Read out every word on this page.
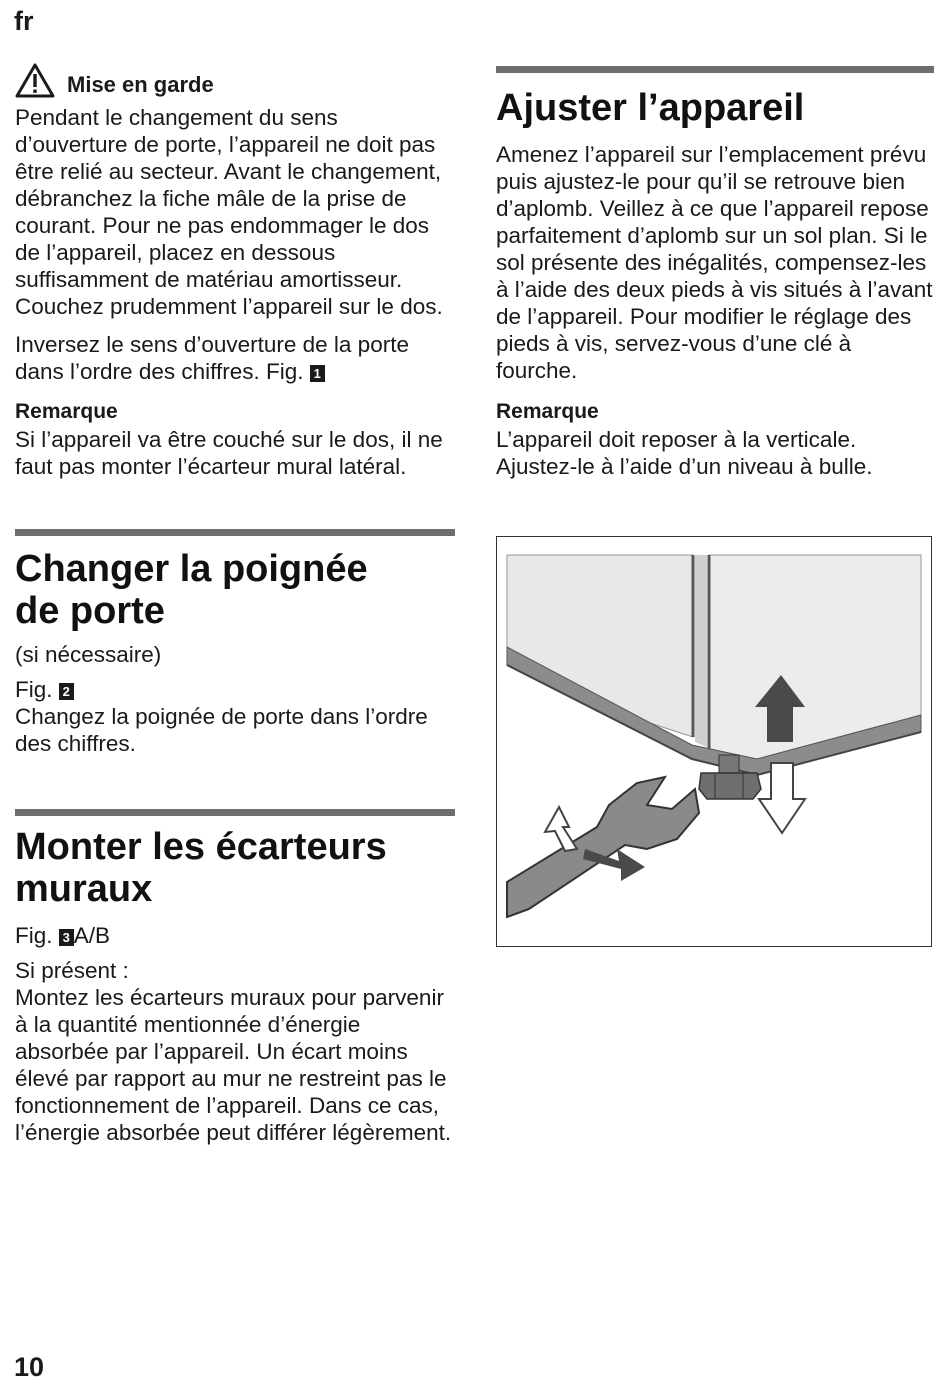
fr
Mise en garde

Pendant le changement du sens d’ouverture de porte, l’appareil ne doit pas être relié au secteur. Avant le changement, débranchez la fiche mâle de la prise de courant. Pour ne pas endommager le dos de l’appareil, placez en dessous suffisamment de matériau amortisseur. Couchez prudemment l’appareil sur le dos.

Inversez le sens d’ouverture de la porte dans l’ordre des chiffres. Fig. 1

Remarque

Si l’appareil va être couché sur le dos, il ne faut pas monter l’écarteur mural latéral.

Changer la poignée
de porte

(si nécessaire)

Fig. 2

Changez la poignée de porte dans l’ordre des chiffres.

Monter les écarteurs
muraux

Fig. 3 A/B

Si présent :

Montez les écarteurs muraux pour parvenir à la quantité mentionnée d’énergie absorbée par l’appareil. Un écart moins élevé par rapport au mur ne restreint pas le fonctionnement de l’appareil. Dans ce cas, l’énergie absorbée peut différer légèrement.

Ajuster l’appareil

Amenez l’appareil sur l’emplacement prévu puis ajustez-le pour qu’il se retrouve bien d’aplomb. Veillez à ce que l’appareil repose parfaitement d’aplomb sur un sol plan. Si le sol présente des inégalités, compensez-les à l’aide des deux pieds à vis situés à l’avant de l’appareil. Pour modifier le réglage des pieds à vis, servez-vous d’une clé à fourche.

Remarque

L’appareil doit reposer à la verticale. Ajustez-le à l’aide d’un niveau à bulle.

10
